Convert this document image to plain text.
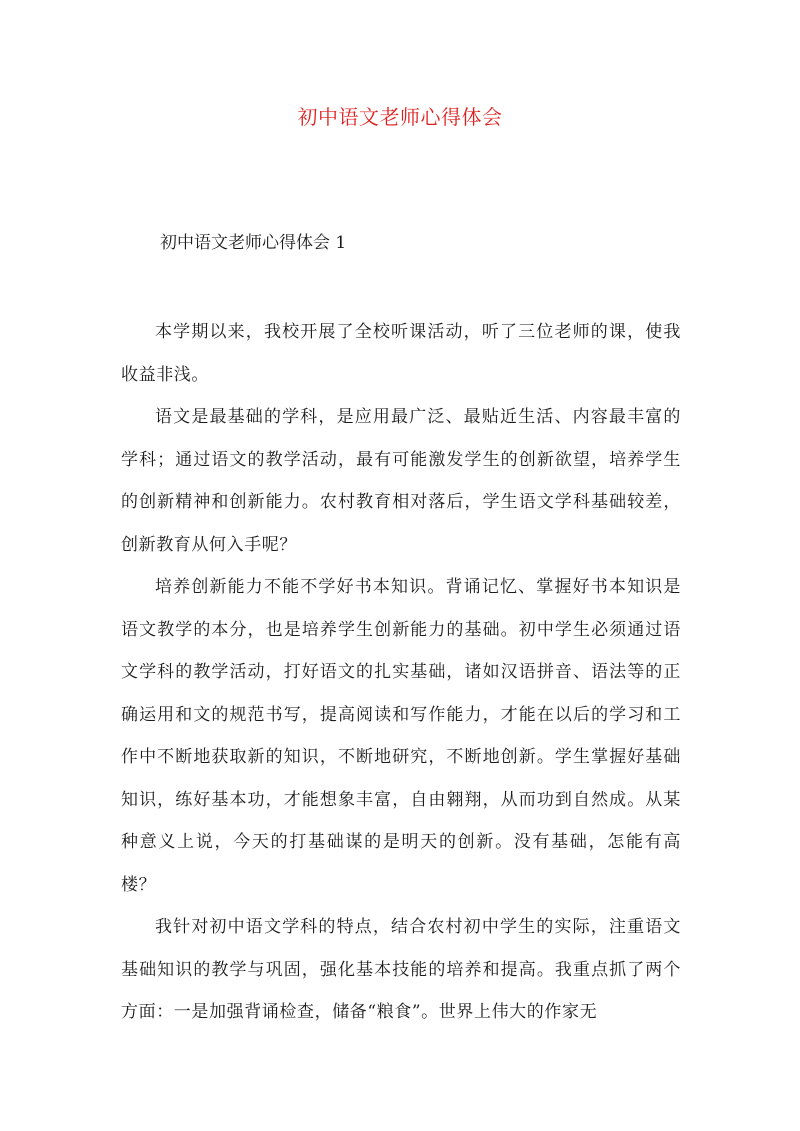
初中语文老师心得体会
初中语文老师心得体会 1

本学期以来，我校开展了全校听课活动，听了三位老师的课，使我收益非浅。

语文是最基础的学科，是应用最广泛、最贴近生活、内容最丰富的学科；通过语文的教学活动，最有可能激发学生的创新欲望，培养学生的创新精神和创新能力。农村教育相对落后，学生语文学科基础较差，创新教育从何入手呢？

培养创新能力不能不学好书本知识。背诵记忆、掌握好书本知识是语文教学的本分，也是培养学生创新能力的基础。初中学生必须通过语文学科的教学活动，打好语文的扎实基础，诸如汉语拼音、语法等的正确运用和文的规范书写，提高阅读和写作能力，才能在以后的学习和工作中不断地获取新的知识，不断地研究，不断地创新。学生掌握好基础知识，练好基本功，才能想象丰富，自由翱翔，从而功到自然成。从某种意义上说，今天的打基础谋的是明天的创新。没有基础，怎能有高楼？

我针对初中语文学科的特点，结合农村初中学生的实际，注重语文基础知识的教学与巩固，强化基本技能的培养和提高。我重点抓了两个方面：一是加强背诵检查，储备“粮食”。世界上伟大的作家无
